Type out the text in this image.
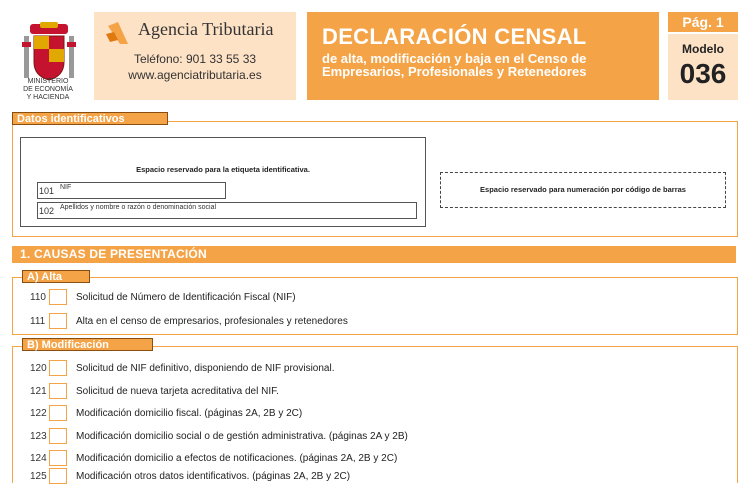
MINISTERIO
DE ECONOMÍA
Y HACIENDA
Agencia Tributaria
Teléfono: 901 33 55 33
www.agenciatributaria.es
DECLARACIÓN CENSAL
de alta, modificación y baja en el Censo de
Empresarios, Profesionales y Retenedores
Pág. 1
Modelo
036
Datos identificativos
Espacio reservado para la etiqueta identificativa.
101 NIF
102 Apellidos y nombre o razón o denominación social
Espacio reservado para numeración por código de barras
1. CAUSAS DE PRESENTACIÓN
A) Alta
110	Solicitud de Número de Identificación Fiscal (NIF)
111	Alta en el censo de empresarios, profesionales y retenedores
B) Modificación
120	Solicitud de NIF definitivo, disponiendo de NIF provisional.
121	Solicitud de nueva tarjeta acreditativa del NIF.
122	Modificación domicilio fiscal. (páginas 2A, 2B y 2C)
123	Modificación domicilio social o de gestión administrativa. (páginas 2A y 2B)
124	Modificación domicilio a efectos de notificaciones. (páginas 2A, 2B y 2C)
125	Modificación otros datos identificativos. (páginas 2A, 2B y 2C)
